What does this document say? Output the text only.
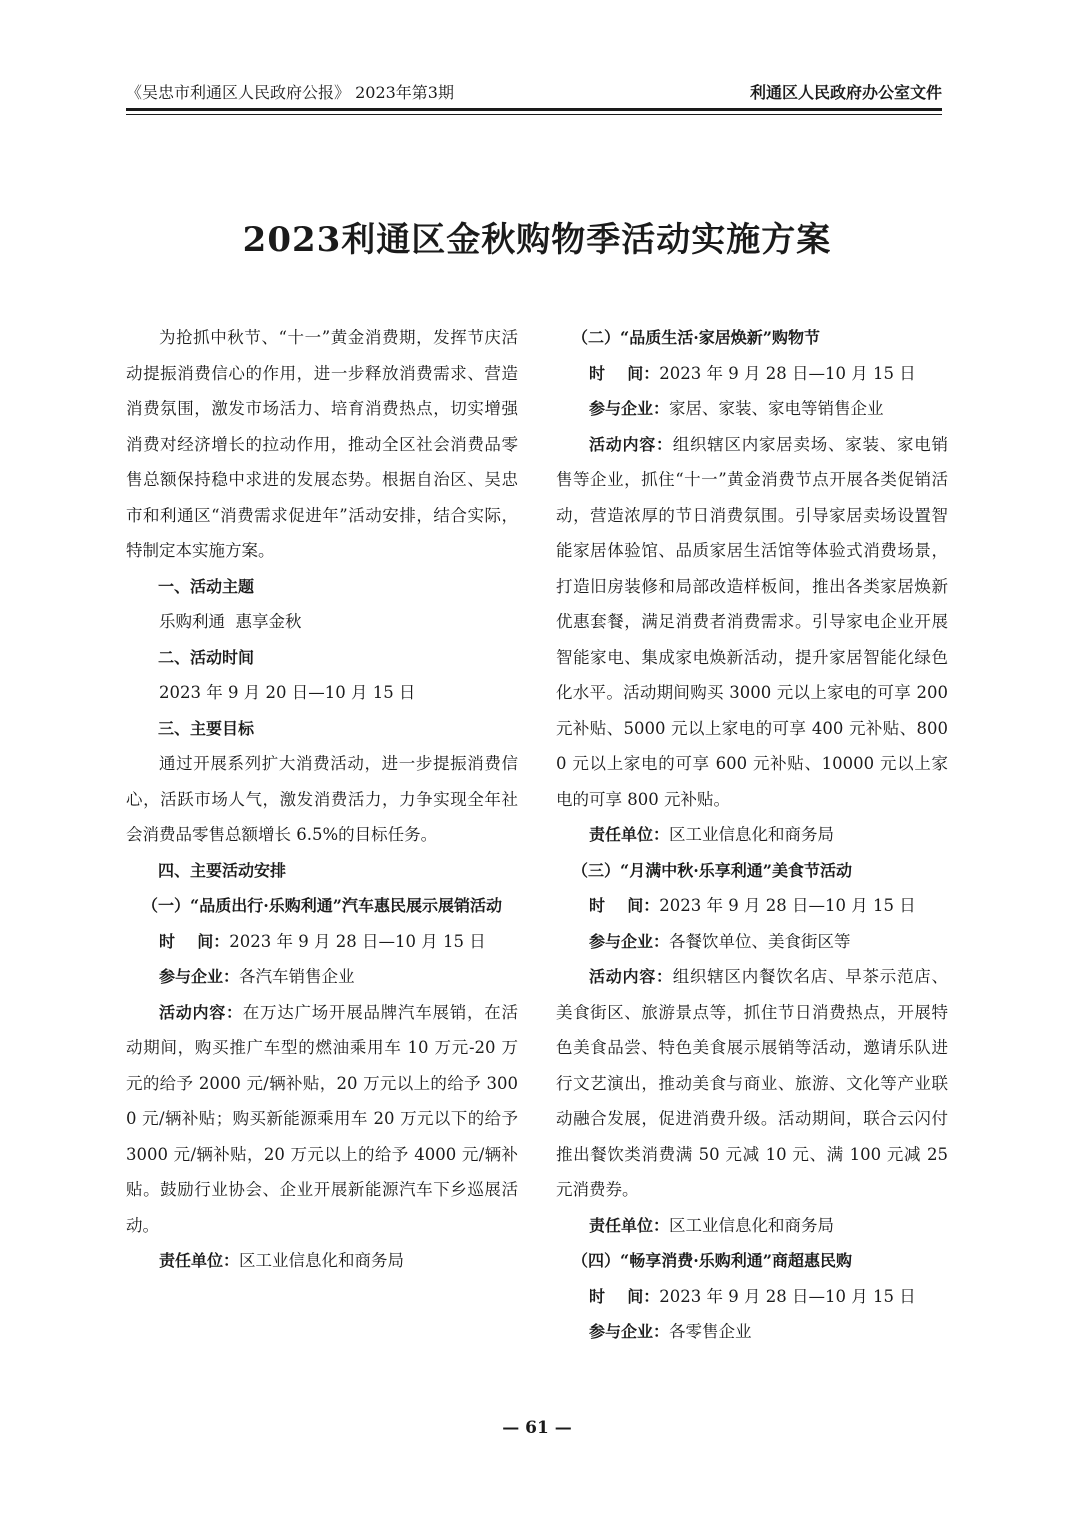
《吴忠市利通区人民政府公报》 2023年第3期	利通区人民政府办公室文件
2023利通区金秋购物季活动实施方案

为抢抓中秋节、“十一”黄金消费期，发挥节庆活动提振消费信心的作用，进一步释放消费需求、营造消费氛围，激发市场活力、培育消费热点，切实增强消费对经济增长的拉动作用，推动全区社会消费品零售总额保持稳中求进的发展态势。根据自治区、吴忠市和利通区“消费需求促进年”活动安排，结合实际，特制定本实施方案。

一、活动主题

乐购利通  惠享金秋

二、活动时间

2023 年 9 月 20 日—10 月 15 日

三、主要目标

通过开展系列扩大消费活动，进一步提振消费信心，活跃市场人气，激发消费活力，力争实现全年社会消费品零售总额增长 6.5%的目标任务。

四、主要活动安排

（一）“品质出行·乐购利通”汽车惠民展示展销活动

时    间：2023 年 9 月 28 日—10 月 15 日

参与企业：各汽车销售企业

活动内容：在万达广场开展品牌汽车展销，在活动期间，购买推广车型的燃油乘用车 10 万元-20 万元的给予 2000 元/辆补贴，20 万元以上的给予 3000 元/辆补贴；购买新能源乘用车 20 万元以下的给予 3000 元/辆补贴，20 万元以上的给予 4000 元/辆补贴。鼓励行业协会、企业开展新能源汽车下乡巡展活动。

责任单位：区工业信息化和商务局

（二）“品质生活·家居焕新”购物节

时    间：2023 年 9 月 28 日—10 月 15 日

参与企业：家居、家装、家电等销售企业

活动内容：组织辖区内家居卖场、家装、家电销售等企业，抓住“十一”黄金消费节点开展各类促销活动，营造浓厚的节日消费氛围。引导家居卖场设置智能家居体验馆、品质家居生活馆等体验式消费场景，打造旧房装修和局部改造样板间，推出各类家居焕新优惠套餐，满足消费者消费需求。引导家电企业开展智能家电、集成家电焕新活动，提升家居智能化绿色化水平。活动期间购买 3000 元以上家电的可享 200 元补贴、5000 元以上家电的可享 400 元补贴、8000 元以上家电的可享 600 元补贴、10000 元以上家电的可享 800 元补贴。

责任单位：区工业信息化和商务局

（三）“月满中秋·乐享利通”美食节活动

时    间：2023 年 9 月 28 日—10 月 15 日

参与企业：各餐饮单位、美食街区等

活动内容：组织辖区内餐饮名店、早茶示范店、美食街区、旅游景点等，抓住节日消费热点，开展特色美食品尝、特色美食展示展销等活动，邀请乐队进行文艺演出，推动美食与商业、旅游、文化等产业联动融合发展，促进消费升级。活动期间，联合云闪付推出餐饮类消费满 50 元减 10 元、满 100 元减 25 元消费券。

责任单位：区工业信息化和商务局

（四）“畅享消费·乐购利通”商超惠民购

时    间：2023 年 9 月 28 日—10 月 15 日

参与企业：各零售企业

— 61 —
